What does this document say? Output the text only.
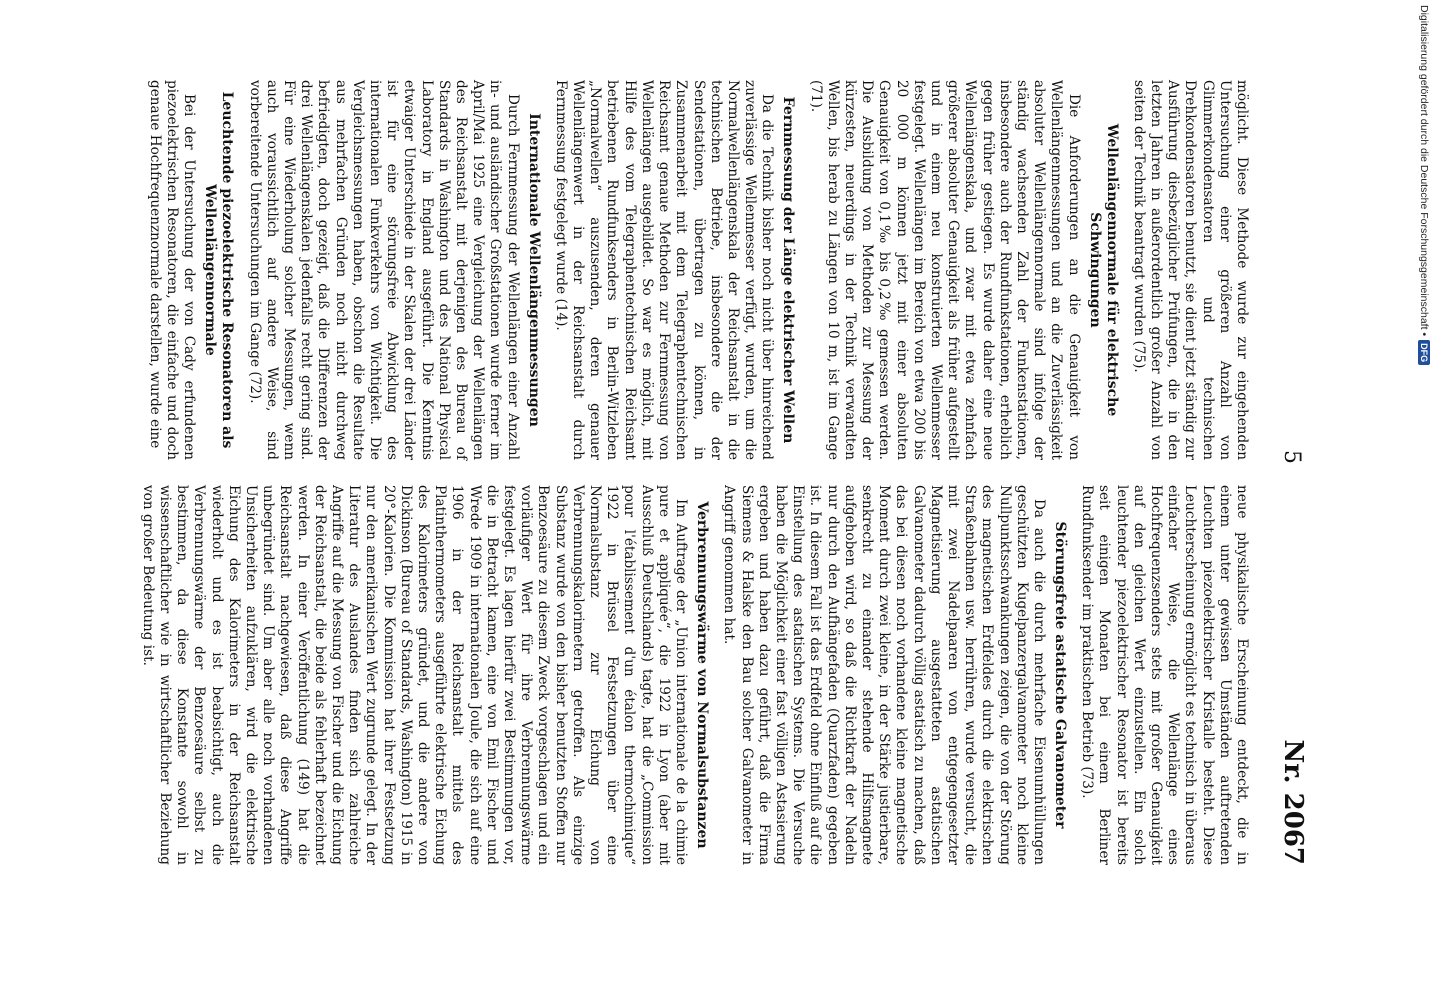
5
Nr. 2067

möglicht. Diese Methode wurde zur eingehenden Untersuchung einer größeren Anzahl von Glimmerkondensatoren und technischen Drehkondensatoren benutzt, sie dient jetzt ständig zur Ausführung diesbezüglicher Prüfungen, die in den letzten Jahren in außerordentlich großer Anzahl von seiten der Technik beantragt wurden (75).

Wellenlängennormale für elektrische Schwingungen

Die Anforderungen an die Genauigkeit von Wellenlängenmessungen und an die Zuverlässigkeit absoluter Wellenlängennormale sind infolge der ständig wachsenden Zahl der Funkenstationen, insbesondere auch der Rundfunkstationen, erheblich gegen früher gestiegen. Es wurde daher eine neue Wellenlängenskala, und zwar mit etwa zehnfach größerer absoluter Genauigkeit als früher aufgestellt und in einem neu konstruierten Wellenmesser festgelegt. Wellenlängen im Bereich von etwa 200 bis 20 000 m können jetzt mit einer absoluten Genauigkeit von 0,1‰ bis 0,2‰ gemessen werden. Die Ausbildung von Methoden zur Messung der kürzesten, neuerdings in der Technik verwandten Wellen, bis herab zu Längen von 10 m, ist im Gange (71).

Fernmessung der Länge elektrischer Wellen

Da die Technik bisher noch nicht über hinreichend zuverlässige Wellenmesser verfügt, wurden, um die Normalwellenlängenskala der Reichsanstalt in die technischen Betriebe, insbesondere die der Sendestationen, übertragen zu können, in Zusammenarbeit mit dem Telegraphentechnischen Reichsamt genaue Methoden zur Fernmessung von Wellenlängen ausgebildet. So war es möglich, mit Hilfe des vom Telegraphentechnischen Reichsamt betriebenen Rundfunksenders in Berlin-Witzleben „Normalwellen“ auszusenden, deren genauer Wellenlängenwert in der Reichsanstalt durch Fernmessung festgelegt wurde (14).

Internationale Wellenlängenmessungen

Durch Fernmessung der Wellenlängen einer Anzahl in- und ausländischer Großstationen wurde ferner im April/Mai 1925 eine Vergleichung der Wellenlängen des Reichsanstalt mit derjenigen des Bureau of Standards in Washington und des National Physical Laboratory in England ausgeführt. Die Kenntnis etwaiger Unterschiede in der Skalen der drei Länder ist für eine störungsfreie Abwicklung des internationalen Funkverkehrs von Wichtigkeit. Die Vergleichsmessungen haben, obschon die Resultate aus mehrfachen Gründen noch nicht durchweg befriedigten, doch gezeigt, daß die Differenzen der drei Wellenlängenskalen jedenfalls recht gering sind. Für eine Wiederholung solcher Messungen, wenn auch voraussichtlich auf andere Weise, sind vorbereitende Untersuchungen im Gange (72).

Leuchtende piezoelektrische Resonatoren als Wellenlängennormale

Bei der Untersuchung der von Cady erfundenen piezoelektrischen Resonatoren, die einfache und doch genaue Hochfrequenznormale darstellen, wurde eine

neue physikalische Erscheinung entdeckt, die in einem unter gewissen Umständen auftretenden Leuchten piezoelektrischer Kristalle besteht. Diese Leuchterscheinung ermöglicht es technisch in überaus einfacher Weise, die Wellenlänge eines Hochfrequenzsenders stets mit großer Genauigkeit auf den gleichen Wert einzustellen. Ein solch leuchtender piezoelektrischer Resonator ist bereits seit einigen Monaten bei einem Berliner Rundfunksender im praktischen Betrieb (73).

Störungsfreie astatische Galvanometer

Da auch die durch mehrfache Eisenumhüllungen geschützten Kugelpanzergalvanometer noch kleine Nullpunktsschwankungen zeigen, die von der Störung des magnetischen Erdfeldes durch die elektrischen Straßenbahnen usw. herrühren, wurde versucht, die mit zwei Nadelpaaren von entgegengesetzter Magnetisierung ausgestatteten astatischen Galvanometer dadurch völlig astatisch zu machen, daß das bei diesen noch vorhandene kleine magnetische Moment durch zwei kleine, in der Stärke justierbare, senkrecht zu einander stehende Hilfsmagnete aufgehoben wird, so daß die Richtkraft der Nadeln nur durch den Aufhängefaden (Quarzfaden) gegeben ist. In diesem Fall ist das Erdfeld ohne Einfluß auf die Einstellung des astatischen Systems. Die Versuche haben die Möglichkeit einer fast völligen Astasierung ergeben und haben dazu geführt, daß die Firma Siemens & Halske den Bau solcher Galvanometer in Angriff genommen hat.

Verbrennungswärme von Normalsubstanzen

Im Auftrage der „Union internationale de la chimie pure et appliquée“, die 1922 in Lyon (aber mit Ausschluß Deutschlands) tagte, hat die „Commission pour l'établissement d'un étalon thermochimique“ 1922 in Brüssel Festsetzungen über eine Normalsubstanz zur Eichung von Verbrennungskalorimetern getroffen. Als einzige Substanz wurde von den bisher benutzten Stoffen nur Benzoesäure zu diesem Zweck vorgeschlagen und ein vorläufiger Wert für ihre Verbrennungswärme festgelegt. Es lagen hierfür zwei Bestimmungen vor, die in Betracht kamen, eine von Emil Fischer und Wrede 1909 in internationalen Joule, die sich auf eine 1906 in der Reichsanstalt mittels des Platinthermometers ausgeführte elektrische Eichung des Kalorimeters gründet, und die andere von Dickinson (Bureau of Standards, Washington) 1915 in 20°-Kalorien. Die Kommission hat ihrer Festsetzung nur den amerikanischen Wert zugrunde gelegt. In der Literatur des Auslandes finden sich zahlreiche Angriffe auf die Messung von Fischer und die Eichung der Reichsanstalt, die beide als fehlerhaft bezeichnet werden. In einer Veröffentlichung (149) hat die Reichsanstalt nachgewiesen, daß diese Angriffe unbegründet sind. Um aber alle noch vorhandenen Unsicherheiten aufzuklären, wird die elektrische Eichung des Kalorimeters in der Reichsanstalt wiederholt und es ist beabsichtigt, auch die Verbrennungswärme der Benzoesäure selbst zu bestimmen, da diese Konstante sowohl in wissenschaftlicher wie in wirtschaftlicher Beziehung von großer Bedeutung ist.

Digitalisierung gefördert durch die Deutsche Forschungsgemeinschaft •DFG
